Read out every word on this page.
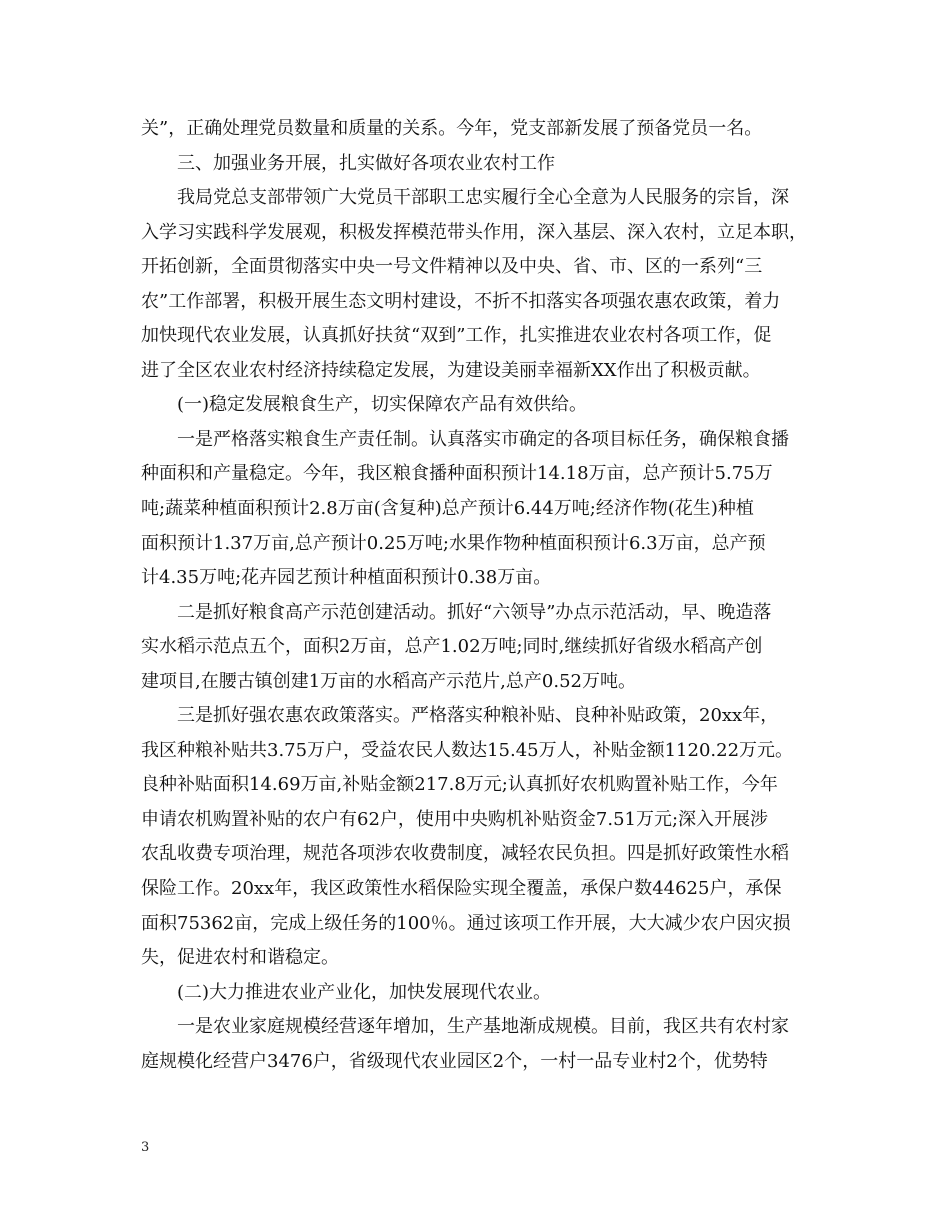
关”，正确处理党员数量和质量的关系。今年，党支部新发展了预备党员一名。

三、加强业务开展，扎实做好各项农业农村工作

我局党总支部带领广大党员干部职工忠实履行全心全意为人民服务的宗旨，深
入学习实践科学发展观，积极发挥模范带头作用，深入基层、深入农村，立足本职，
开拓创新，全面贯彻落实中央一号文件精神以及中央、省、市、区的一系列“三
农”工作部署，积极开展生态文明村建设，不折不扣落实各项强农惠农政策，着力
加快现代农业发展，认真抓好扶贫“双到”工作，扎实推进农业农村各项工作，促
进了全区农业农村经济持续稳定发展，为建设美丽幸福新XX作出了积极贡献。

(一)稳定发展粮食生产，切实保障农产品有效供给。

一是严格落实粮食生产责任制。认真落实市确定的各项目标任务，确保粮食播
种面积和产量稳定。今年，我区粮食播种面积预计14.18万亩，总产预计5.75万
吨;蔬菜种植面积预计2.8万亩(含复种)总产预计6.44万吨;经济作物(花生)种植
面积预计1.37万亩,总产预计0.25万吨;水果作物种植面积预计6.3万亩，总产预
计4.35万吨;花卉园艺预计种植面积预计0.38万亩。

二是抓好粮食高产示范创建活动。抓好“六领导”办点示范活动，早、晚造落
实水稻示范点五个，面积2万亩，总产1.02万吨;同时,继续抓好省级水稻高产创
建项目,在腰古镇创建1万亩的水稻高产示范片,总产0.52万吨。

三是抓好强农惠农政策落实。严格落实种粮补贴、良种补贴政策，20xx年，
我区种粮补贴共3.75万户，受益农民人数达15.45万人，补贴金额1120.22万元。
良种补贴面积14.69万亩,补贴金额217.8万元;认真抓好农机购置补贴工作，今年
申请农机购置补贴的农户有62户，使用中央购机补贴资金7.51万元;深入开展涉
农乱收费专项治理，规范各项涉农收费制度，减轻农民负担。四是抓好政策性水稻
保险工作。20xx年，我区政策性水稻保险实现全覆盖，承保户数44625户，承保
面积75362亩，完成上级任务的100％。通过该项工作开展，大大减少农户因灾损
失，促进农村和谐稳定。

(二)大力推进农业产业化，加快发展现代农业。

一是农业家庭规模经营逐年增加，生产基地渐成规模。目前，我区共有农村家
庭规模化经营户3476户，省级现代农业园区2个，一村一品专业村2个，优势特

3
